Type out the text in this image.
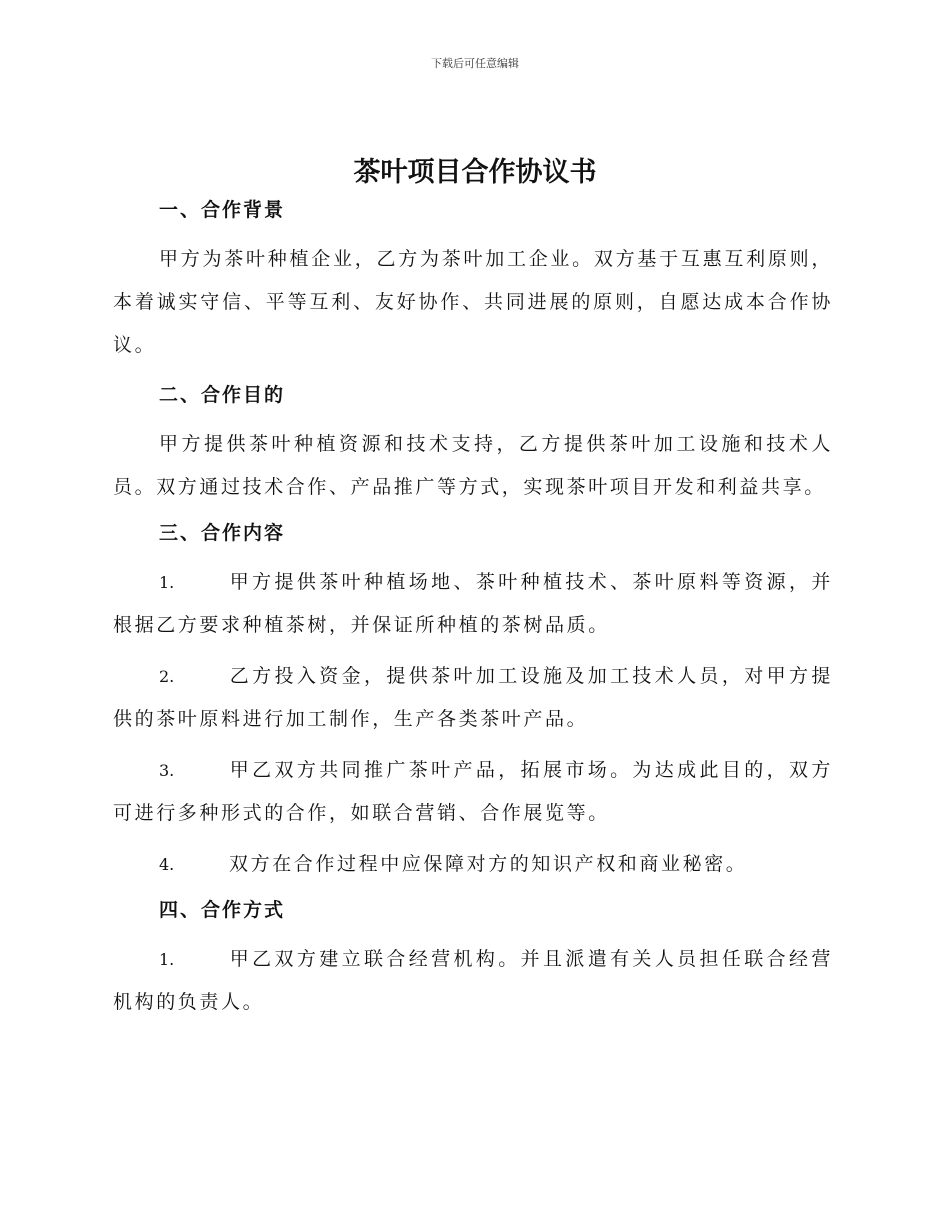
下载后可任意编辑
茶叶项目合作协议书
一、合作背景

甲方为茶叶种植企业，乙方为茶叶加工企业。双方基于互惠互利原则，本着诚实守信、平等互利、友好协作、共同进展的原则，自愿达成本合作协议。

二、合作目的

甲方提供茶叶种植资源和技术支持，乙方提供茶叶加工设施和技术人员。双方通过技术合作、产品推广等方式，实现茶叶项目开发和利益共享。

三、合作内容

1.	甲方提供茶叶种植场地、茶叶种植技术、茶叶原料等资源，并根据乙方要求种植茶树，并保证所种植的茶树品质。

2.	乙方投入资金，提供茶叶加工设施及加工技术人员，对甲方提供的茶叶原料进行加工制作，生产各类茶叶产品。

3.	甲乙双方共同推广茶叶产品，拓展市场。为达成此目的，双方可进行多种形式的合作，如联合营销、合作展览等。

4.	双方在合作过程中应保障对方的知识产权和商业秘密。

四、合作方式

1.	甲乙双方建立联合经营机构。并且派遣有关人员担任联合经营机构的负责人。
